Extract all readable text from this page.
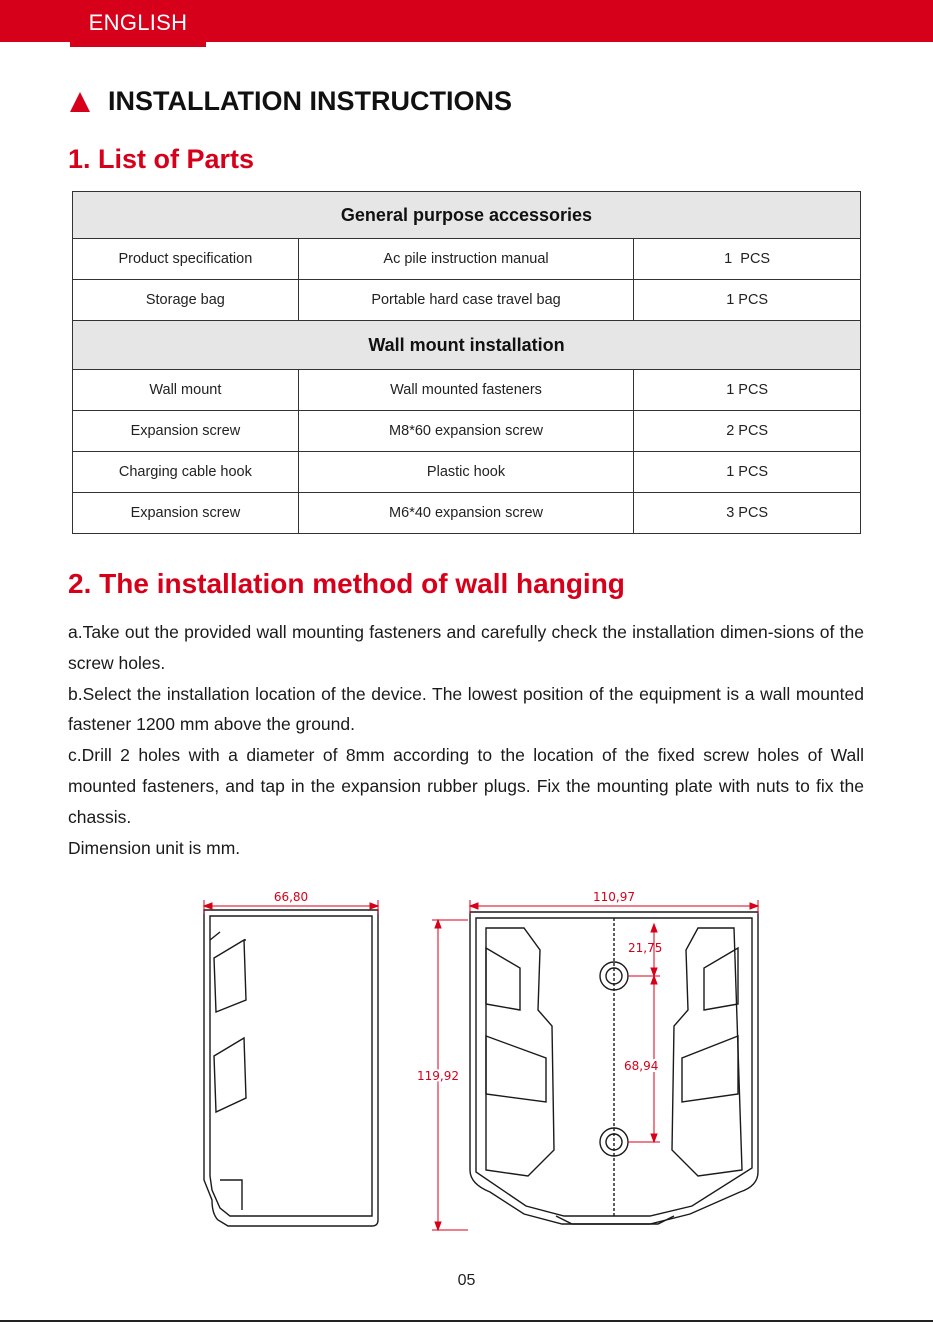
ENGLISH
INSTALLATION INSTRUCTIONS
1. List of Parts
General purpose accessories		
Product specification	Ac pile instruction manual	1  PCS
Storage bag	Portable hard case travel bag	1 PCS
Wall mount installation		
Wall mount	Wall mounted fasteners	1 PCS
Expansion screw	M8*60 expansion screw	2 PCS
Charging cable hook	Plastic hook	1 PCS
Expansion screw	M6*40 expansion screw	3 PCS
2. The installation method of wall hanging

a.Take out the provided wall mounting fasteners and carefully check the installation dimen-sions of the screw holes.

b.Select the installation location of the device. The lowest position of the equipment is a wall mounted fastener 1200 mm above the ground.

c.Drill 2 holes with a diameter of 8mm according to the location of the fixed screw holes of Wall mounted fasteners, and tap in the expansion rubber plugs. Fix the mounting plate with nuts to fix the chassis.

Dimension unit is mm.

66,80	110,97
119,92
21,75
68,94
05
